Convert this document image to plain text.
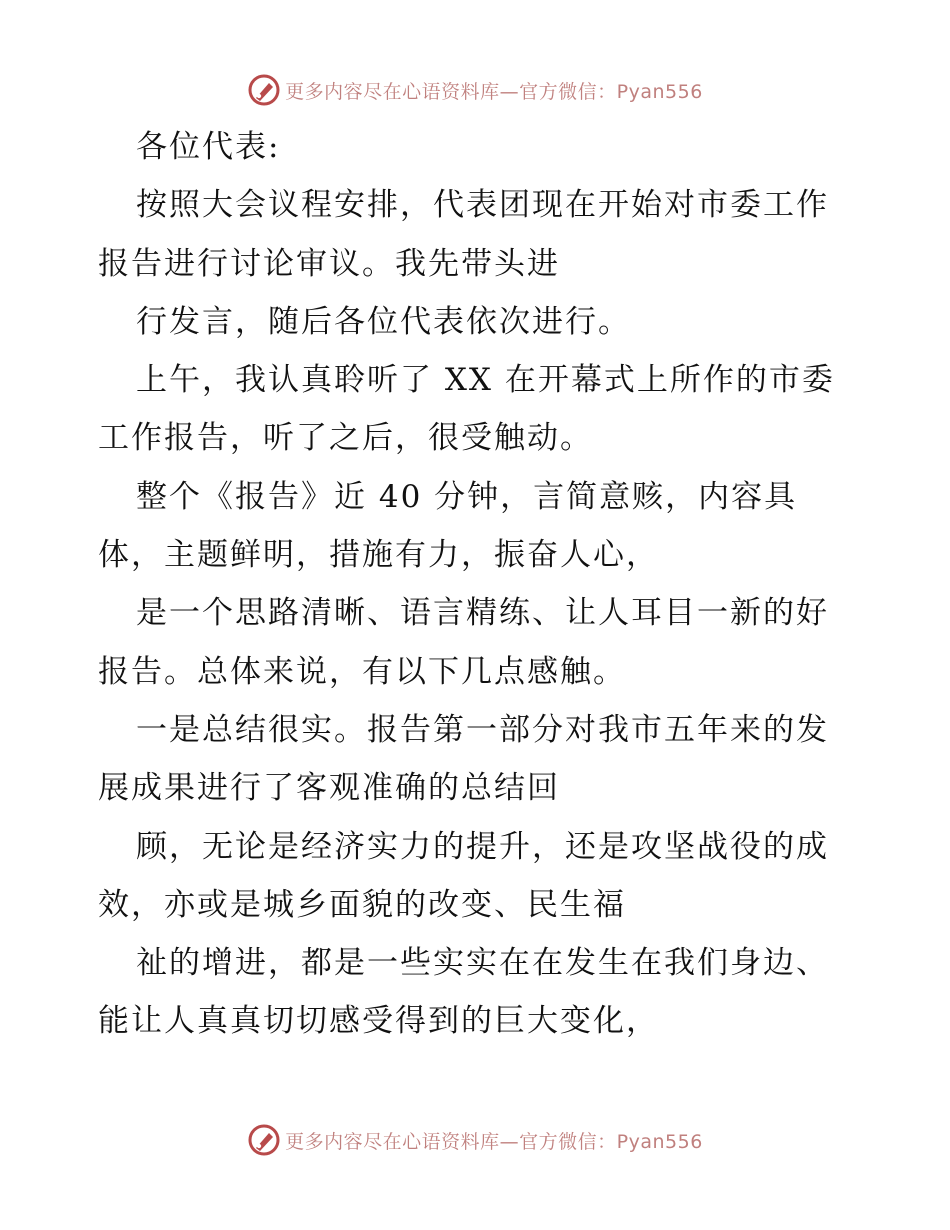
更多内容尽在心语资料库—官方微信：Pyan556
各位代表:
按照大会议程安排，代表团现在开始对市委工作
报告进行讨论审议。我先带头进
行发言，随后各位代表依次进行。
上午，我认真聆听了 XX 在开幕式上所作的市委
工作报告，听了之后，很受触动。
整个《报告》近 40 分钟，言简意赅，内容具
体，主题鲜明，措施有力，振奋人心，
是一个思路清晰、语言精练、让人耳目一新的好
报告。总体来说，有以下几点感触。
一是总结很实。报告第一部分对我市五年来的发
展成果进行了客观准确的总结回
顾，无论是经济实力的提升，还是攻坚战役的成
效，亦或是城乡面貌的改变、民生福
祉的增进，都是一些实实在在发生在我们身边、
能让人真真切切感受得到的巨大变化，
更多内容尽在心语资料库—官方微信：Pyan556
